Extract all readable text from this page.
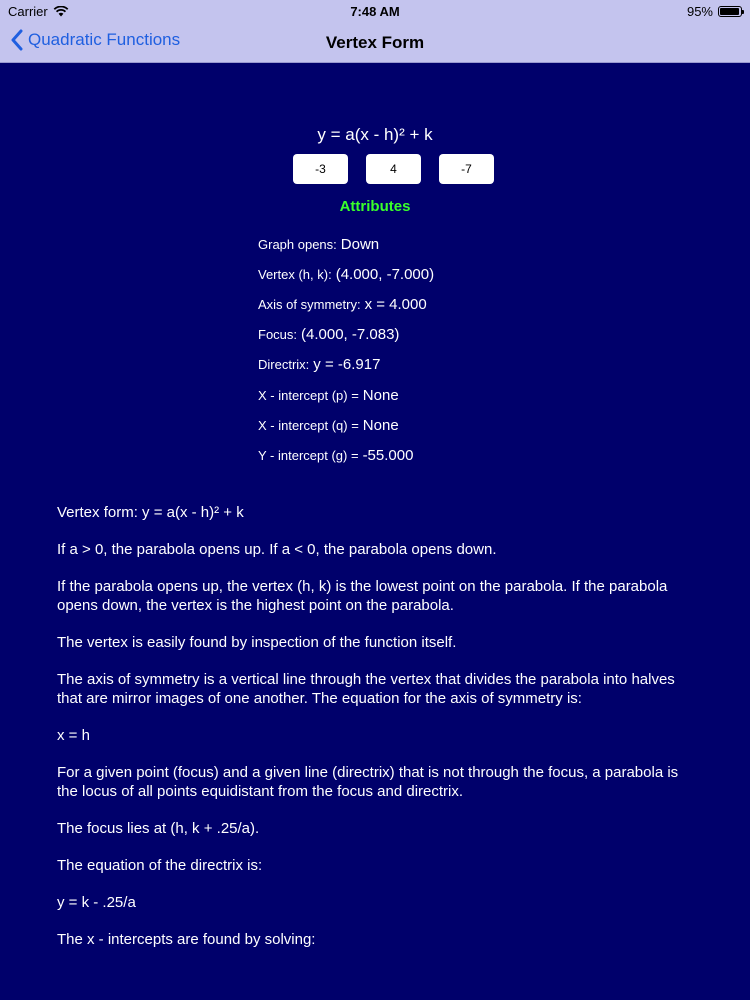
Carrier	7:48 AM	95%
Quadratic Functions	Vertex Form
y = a(x - h)² + k
-3	4	-7
Attributes
Graph opens: Down
Vertex (h, k): (4.000, -7.000)
Axis of symmetry: x = 4.000
Focus: (4.000, -7.083)
Directrix: y = -6.917
X - intercept (p) = None
X - intercept (q) = None
Y - intercept (g) = -55.000

Vertex form: y = a(x - h)² + k

If a > 0, the parabola opens up. If a < 0, the parabola opens down.

If the parabola opens up, the vertex (h, k) is the lowest point on the parabola. If the parabola opens down, the vertex is the highest point on the parabola.

The vertex is easily found by inspection of the function itself.

The axis of symmetry is a vertical line through the vertex that divides the parabola into halves that are mirror images of one another. The equation for the axis of symmetry is:

x = h

For a given point (focus) and a given line (directrix) that is not through the focus, a parabola is the locus of all points equidistant from the focus and directrix.

The focus lies at (h, k + .25/a).

The equation of the directrix is:

y = k - .25/a

The x - intercepts are found by solving:
